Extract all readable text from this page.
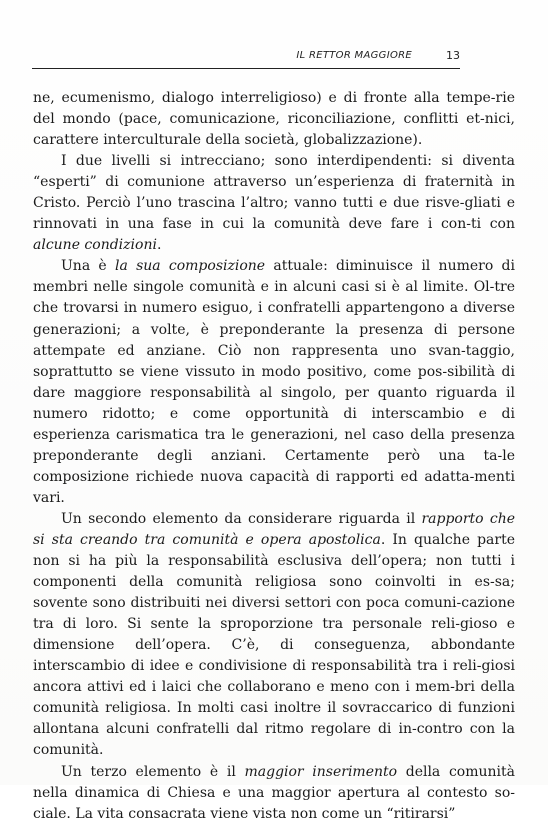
IL RETTOR MAGGIORE	13

ne, ecumenismo, dialogo interreligioso) e di fronte alla tempe-rie del mondo (pace, comunicazione, riconciliazione, conflitti et-nici, carattere interculturale della società, globalizzazione).

I due livelli si intrecciano; sono interdipendenti: si diventa “esperti” di comunione attraverso un’esperienza di fraternità in Cristo. Perciò l’uno trascina l’altro; vanno tutti e due risve-gliati e rinnovati in una fase in cui la comunità deve fare i con-ti con alcune condizioni.

Una è la sua composizione attuale: diminuisce il numero di membri nelle singole comunità e in alcuni casi si è al limite. Ol-tre che trovarsi in numero esiguo, i confratelli appartengono a diverse generazioni; a volte, è preponderante la presenza di persone attempate ed anziane. Ciò non rappresenta uno svan-taggio, soprattutto se viene vissuto in modo positivo, come pos-sibilità di dare maggiore responsabilità al singolo, per quanto riguarda il numero ridotto; e come opportunità di interscambio e di esperienza carismatica tra le generazioni, nel caso della presenza preponderante degli anziani. Certamente però una ta-le composizione richiede nuova capacità di rapporti ed adatta-menti vari.

Un secondo elemento da considerare riguarda il rapporto che si sta creando tra comunità e opera apostolica. In qualche parte non si ha più la responsabilità esclusiva dell’opera; non tutti i componenti della comunità religiosa sono coinvolti in es-sa; sovente sono distribuiti nei diversi settori con poca comuni-cazione tra di loro. Si sente la sproporzione tra personale reli-gioso e dimensione dell’opera. C’è, di conseguenza, abbondante interscambio di idee e condivisione di responsabilità tra i reli-giosi ancora attivi ed i laici che collaborano e meno con i mem-bri della comunità religiosa. In molti casi inoltre il sovraccarico di funzioni allontana alcuni confratelli dal ritmo regolare di in-contro con la comunità.

Un terzo elemento è il maggior inserimento della comunità nella dinamica di Chiesa e una maggior apertura al contesto so-ciale. La vita consacrata viene vista non come un “ritirarsi”
